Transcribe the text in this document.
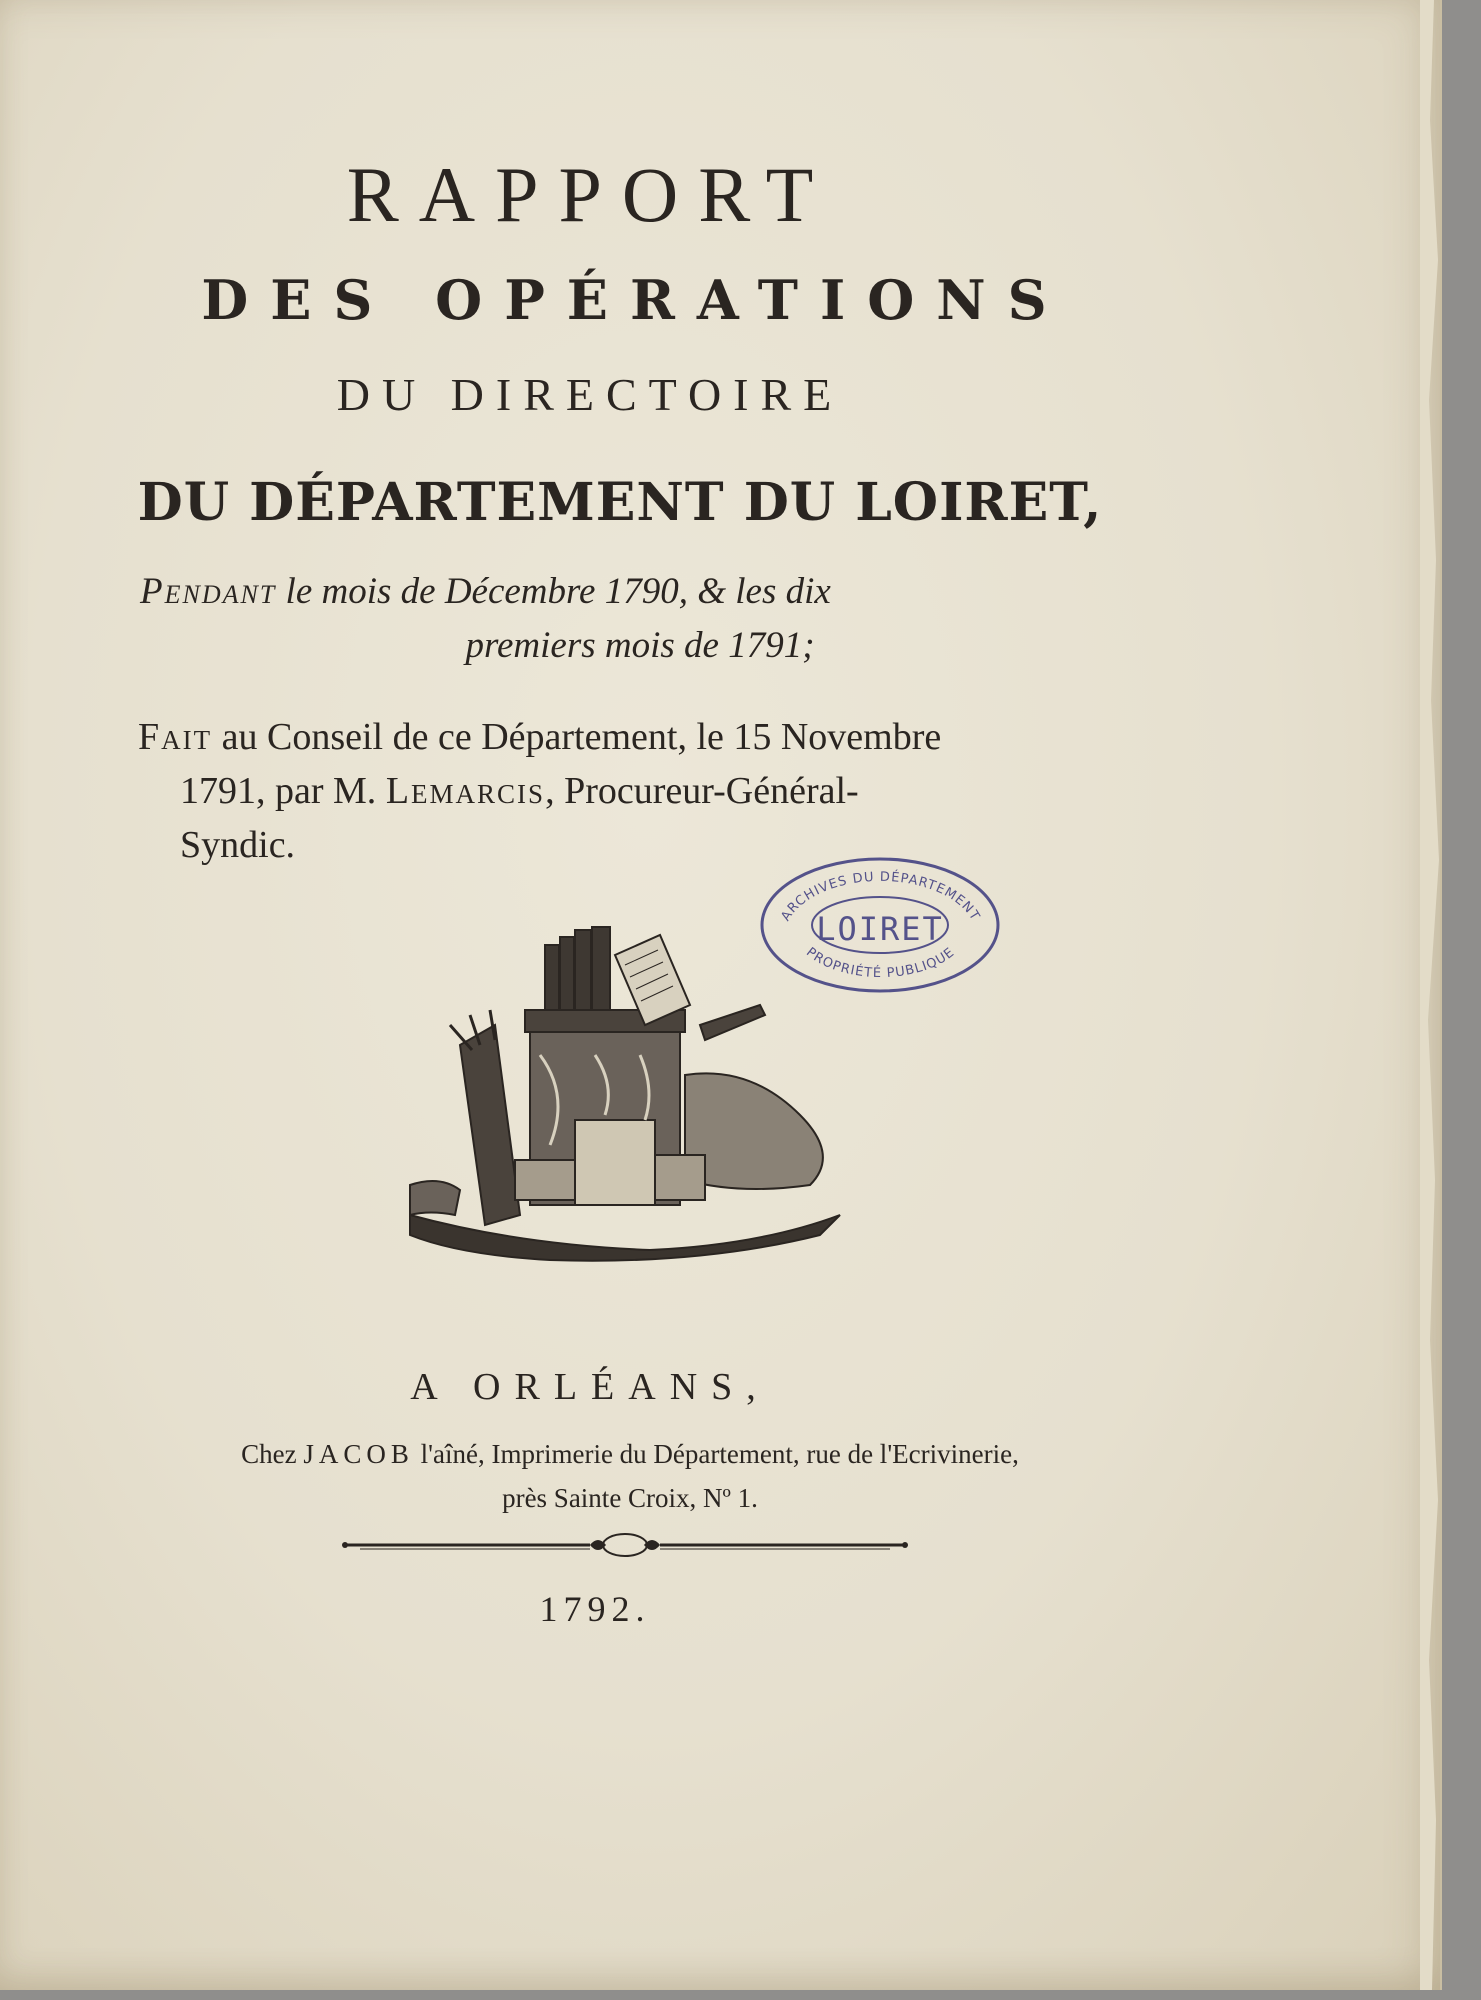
RAPPORT
DES OPÉRATIONS
DU DIRECTOIRE
DU DÉPARTEMENT DU LOIRET,
Pendant le mois de Décembre 1790, & les dix
premiers mois de 1791;
Fait au Conseil de ce Département, le 15 Novembre
1791, par M. Lemarcis, Procureur-Général-
Syndic.
ARCHIVES DU DÉPARTEMENT
PROPRIÉTÉ PUBLIQUE
LOIRET
A ORLÉANS,
Chez JACOB l'aîné, Imprimerie du Département, rue de l'Ecrivinerie,
près Sainte Croix, Nº 1.
1792.
